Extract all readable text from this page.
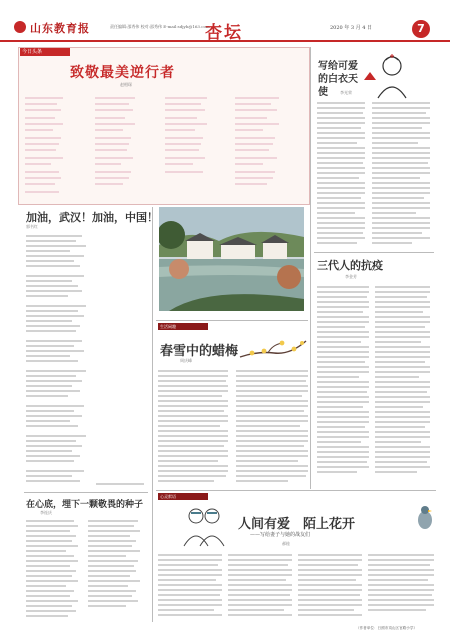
山东教育报	责任编辑:邵秀伟 校对:邵秀伟 E-mail:sdjyb@163.com
杏坛	2020 年 3 月 4 日	7
今日头条
致敬最美逆行者
赵相琛
写给可爱的白衣天使	李光荣
三代人的抗疫
李金芳
加油，武汉！加油，中国！
郭书红
在心底，埋下一颗敬畏的种子
李连庆
生活闲趣
春雪中的蜡梅
周庆峰
心灵絮语
人间有爱　陌上花开
——写给妻子与她的战友们
郝桂
（作者单位：日照市岚山区官路小学）
